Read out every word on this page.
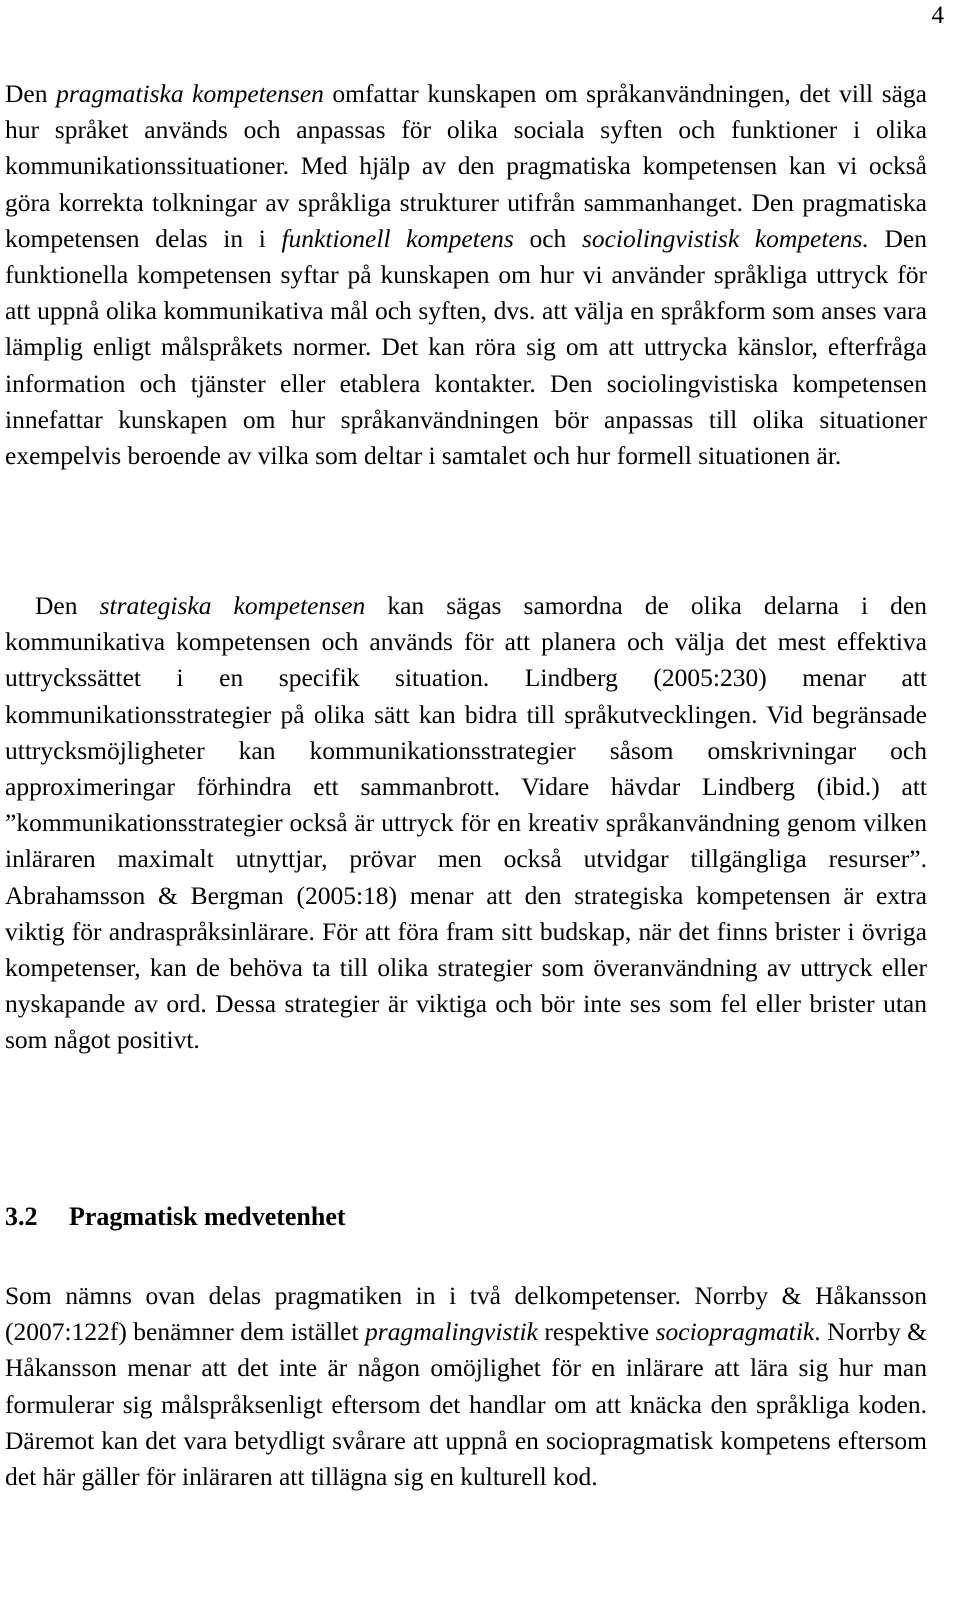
4

Den pragmatiska kompetensen omfattar kunskapen om språkanvändningen, det vill säga hur språket används och anpassas för olika sociala syften och funktioner i olika kommunikationssituationer. Med hjälp av den pragmatiska kompetensen kan vi också göra korrekta tolkningar av språkliga strukturer utifrån sammanhanget. Den pragmatiska kompetensen delas in i funktionell kompetens och sociolingvistisk kompetens. Den funktionella kompetensen syftar på kunskapen om hur vi använder språkliga uttryck för att uppnå olika kommunikativa mål och syften, dvs. att välja en språkform som anses vara lämplig enligt målspråkets normer. Det kan röra sig om att uttrycka känslor, efterfråga information och tjänster eller etablera kontakter. Den sociolingvistiska kompetensen innefattar kunskapen om hur språkanvändningen bör anpassas till olika situationer exempelvis beroende av vilka som deltar i samtalet och hur formell situationen är.

Den strategiska kompetensen kan sägas samordna de olika delarna i den kommunikativa kompetensen och används för att planera och välja det mest effektiva uttryckssättet i en specifik situation. Lindberg (2005:230) menar att kommunikationsstrategier på olika sätt kan bidra till språkutvecklingen. Vid begränsade uttrycksmöjligheter kan kommunikationsstrategier såsom omskrivningar och approximeringar förhindra ett sammanbrott. Vidare hävdar Lindberg (ibid.) att ”kommunikationsstrategier också är uttryck för en kreativ språkanvändning genom vilken inläraren maximalt utnyttjar, prövar men också utvidgar tillgängliga resurser”. Abrahamsson & Bergman (2005:18) menar att den strategiska kompetensen är extra viktig för andraspråksinlärare. För att föra fram sitt budskap, när det finns brister i övriga kompetenser, kan de behöva ta till olika strategier som överanvändning av uttryck eller nyskapande av ord. Dessa strategier är viktiga och bör inte ses som fel eller brister utan som något positivt.

3.2 Pragmatisk medvetenhet

Som nämns ovan delas pragmatiken in i två delkompetenser. Norrby & Håkansson (2007:122f) benämner dem istället pragmalingvistik respektive sociopragmatik. Norrby & Håkansson menar att det inte är någon omöjlighet för en inlärare att lära sig hur man formulerar sig målspråksenligt eftersom det handlar om att knäcka den språkliga koden. Däremot kan det vara betydligt svårare att uppnå en sociopragmatisk kompetens eftersom det här gäller för inläraren att tillägna sig en kulturell kod.
